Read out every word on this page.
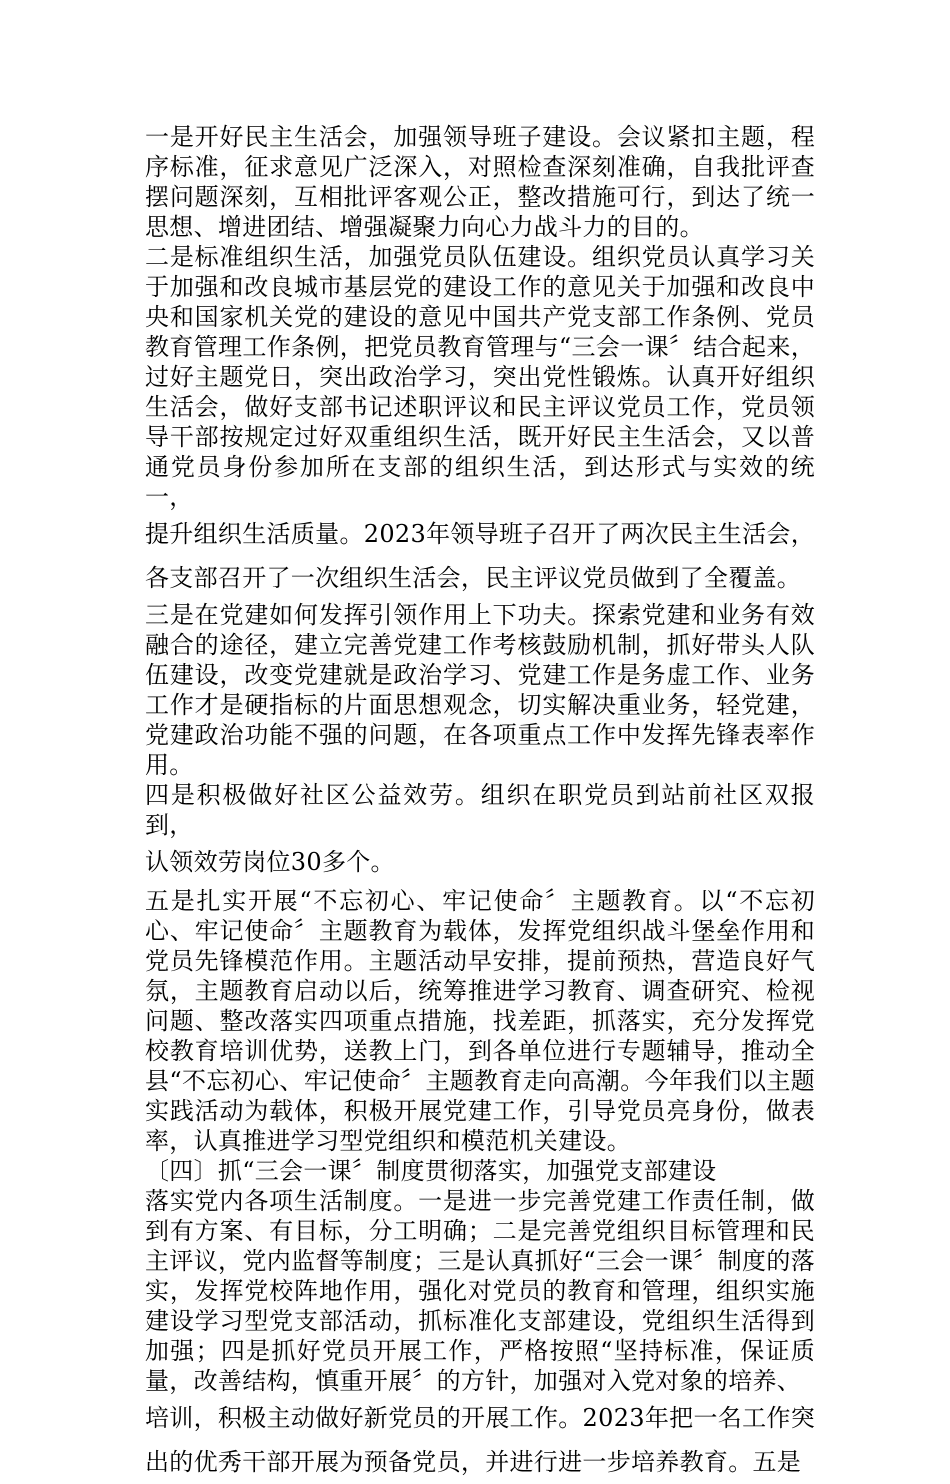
一是开好民主生活会，加强领导班子建设。会议紧扣主题，程序标准，征求意见广泛深入，对照检查深刻准确，自我批评查摆问题深刻，互相批评客观公正，整改措施可行，到达了统一思想、增进团结、增强凝聚力向心力战斗力的目的。

二是标准组织生活，加强党员队伍建设。组织党员认真学习关于加强和改良城市基层党的建设工作的意见关于加强和改良中央和国家机关党的建设的意见中国共产党支部工作条例、党员教育管理工作条例，把党员教育管理与“三会一课〞结合起来，过好主题党日，突出政治学习，突出党性锻炼。认真开好组织生活会，做好支部书记述职评议和民主评议党员工作，党员领导干部按规定过好双重组织生活，既开好民主生活会，又以普通党员身份参加所在支部的组织生活，到达形式与实效的统一，

提升组织生活质量。2023年领导班子召开了两次民主生活会，各支部召开了一次组织生活会，民主评议党员做到了全覆盖。

三是在党建如何发挥引领作用上下功夫。探索党建和业务有效融合的途径，建立完善党建工作考核鼓励机制，抓好带头人队伍建设，改变党建就是政治学习、党建工作是务虚工作、业务工作才是硬指标的片面思想观念，切实解决重业务，轻党建，党建政治功能不强的问题，在各项重点工作中发挥先锋表率作用。

四是积极做好社区公益效劳。组织在职党员到站前社区双报到，

认领效劳岗位30多个。

五是扎实开展“不忘初心、牢记使命〞主题教育。以“不忘初心、牢记使命〞主题教育为载体，发挥党组织战斗堡垒作用和党员先锋模范作用。主题活动早安排，提前预热，营造良好气氛，主题教育启动以后，统筹推进学习教育、调查研究、检视问题、整改落实四项重点措施，找差距，抓落实，充分发挥党校教育培训优势，送教上门，到各单位进行专题辅导，推动全县“不忘初心、牢记使命〞主题教育走向高潮。今年我们以主题实践活动为载体，积极开展党建工作，引导党员亮身份，做表率，认真推进学习型党组织和模范机关建设。

〔四〕抓“三会一课〞制度贯彻落实，加强党支部建设

落实党内各项生活制度。一是进一步完善党建工作责任制，做到有方案、有目标，分工明确；二是完善党组织目标管理和民主评议，党内监督等制度；三是认真抓好“三会一课〞制度的落实，发挥党校阵地作用，强化对党员的教育和管理，组织实施建设学习型党支部活动，抓标准化支部建设，党组织生活得到加强；四是抓好党员开展工作，严格按照“坚持标准，保证质量，改善结构，慎重开展〞的方针，加强对入党对象的培养、

培训，积极主动做好新党员的开展工作。2023年把一名工作突出的优秀干部开展为预备党员，并进行进一步培养教育。五是
